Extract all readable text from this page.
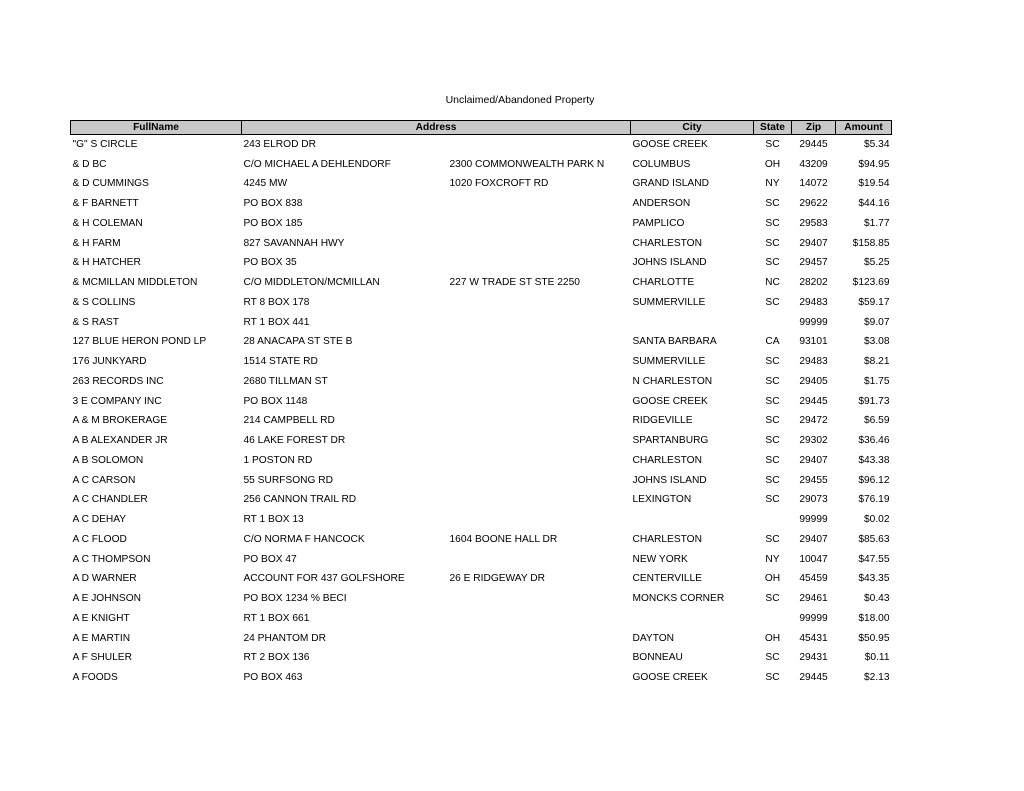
Unclaimed/Abandoned Property
FullName	Address		City	State	Zip	Amount
"G" S CIRCLE	243 ELROD DR		GOOSE CREEK	SC	29445	$5.34
& D BC	C/O MICHAEL A DEHLENDORF	2300 COMMONWEALTH PARK N	COLUMBUS	OH	43209	$94.95
& D CUMMINGS	4245 MW	1020 FOXCROFT RD	GRAND ISLAND	NY	14072	$19.54
& F BARNETT	PO BOX 838		ANDERSON	SC	29622	$44.16
& H COLEMAN	PO BOX 185		PAMPLICO	SC	29583	$1.77
& H FARM	827 SAVANNAH HWY		CHARLESTON	SC	29407	$158.85
& H HATCHER	PO BOX 35		JOHNS ISLAND	SC	29457	$5.25
& MCMILLAN MIDDLETON	C/O MIDDLETON/MCMILLAN	227 W TRADE ST STE 2250	CHARLOTTE	NC	28202	$123.69
& S COLLINS	RT 8 BOX 178		SUMMERVILLE	SC	29483	$59.17
& S RAST	RT 1 BOX 441				99999	$9.07
127 BLUE HERON POND LP	28 ANACAPA ST STE B		SANTA BARBARA	CA	93101	$3.08
176 JUNKYARD	1514 STATE RD		SUMMERVILLE	SC	29483	$8.21
263 RECORDS INC	2680 TILLMAN ST		N CHARLESTON	SC	29405	$1.75
3 E COMPANY INC	PO BOX 1148		GOOSE CREEK	SC	29445	$91.73
A & M BROKERAGE	214 CAMPBELL RD		RIDGEVILLE	SC	29472	$6.59
A B ALEXANDER JR	46 LAKE FOREST DR		SPARTANBURG	SC	29302	$36.46
A B SOLOMON	1 POSTON RD		CHARLESTON	SC	29407	$43.38
A C CARSON	55 SURFSONG RD		JOHNS ISLAND	SC	29455	$96.12
A C CHANDLER	256 CANNON TRAIL RD		LEXINGTON	SC	29073	$76.19
A C DEHAY	RT 1 BOX 13				99999	$0.02
A C FLOOD	C/O NORMA F HANCOCK	1604 BOONE HALL DR	CHARLESTON	SC	29407	$85.63
A C THOMPSON	PO BOX 47		NEW YORK	NY	10047	$47.55
A D WARNER	ACCOUNT FOR 437 GOLFSHORE	26 E RIDGEWAY DR	CENTERVILLE	OH	45459	$43.35
A E JOHNSON	PO BOX 1234 % BECI		MONCKS CORNER	SC	29461	$0.43
A E KNIGHT	RT 1 BOX 661				99999	$18.00
A E MARTIN	24 PHANTOM DR		DAYTON	OH	45431	$50.95
A F SHULER	RT 2 BOX 136		BONNEAU	SC	29431	$0.11
A FOODS	PO BOX 463		GOOSE CREEK	SC	29445	$2.13
